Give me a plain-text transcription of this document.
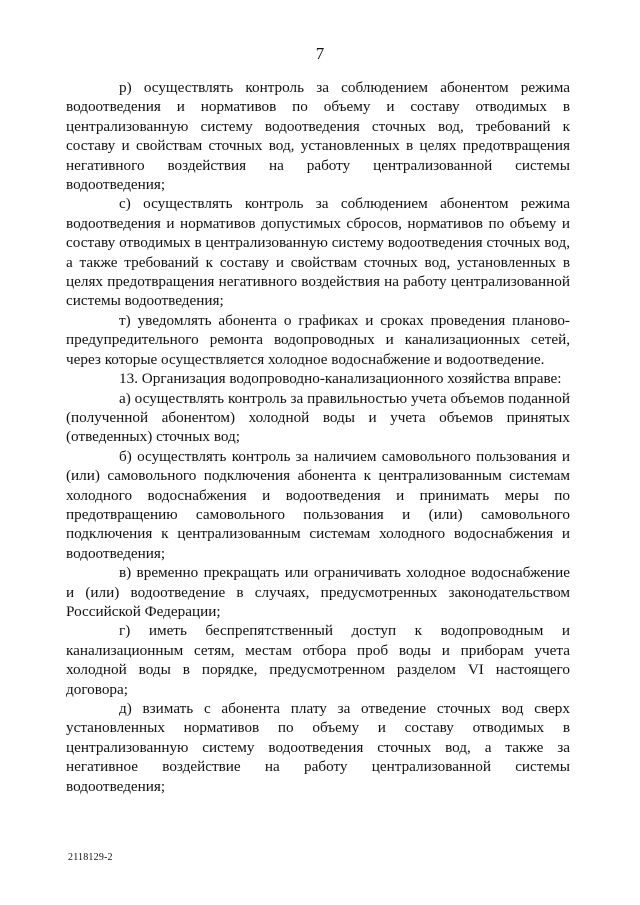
7

р) осуществлять контроль за соблюдением абонентом режима водоотведения и нормативов по объему и составу отводимых в централизованную систему водоотведения сточных вод, требований к составу и свойствам сточных вод, установленных в целях предотвращения негативного воздействия на работу централизованной системы водоотведения;

с) осуществлять контроль за соблюдением абонентом режима водоотведения и нормативов допустимых сбросов, нормативов по объему и составу отводимых в централизованную систему водоотведения сточных вод, а также требований к составу и свойствам сточных вод, установленных в целях предотвращения негативного воздействия на работу централизованной системы водоотведения;

т) уведомлять абонента о графиках и сроках проведения планово-предупредительного ремонта водопроводных и канализационных сетей, через которые осуществляется холодное водоснабжение и водоотведение.

13. Организация водопроводно-канализационного хозяйства вправе:

а) осуществлять контроль за правильностью учета объемов поданной (полученной абонентом) холодной воды и учета объемов принятых (отведенных) сточных вод;

б) осуществлять контроль за наличием самовольного пользования и (или) самовольного подключения абонента к централизованным системам холодного водоснабжения и водоотведения и принимать меры по предотвращению самовольного пользования и (или) самовольного подключения к централизованным системам холодного водоснабжения и водоотведения;

в) временно прекращать или ограничивать холодное водоснабжение и (или) водоотведение в случаях, предусмотренных законодательством Российской Федерации;

г) иметь беспрепятственный доступ к водопроводным и канализационным сетям, местам отбора проб воды и приборам учета холодной воды в порядке, предусмотренном разделом VI настоящего договора;

д) взимать с абонента плату за отведение сточных вод сверх установленных нормативов по объему и составу отводимых в централизованную систему водоотведения сточных вод, а также за негативное воздействие на работу централизованной системы водоотведения;

2118129-2
